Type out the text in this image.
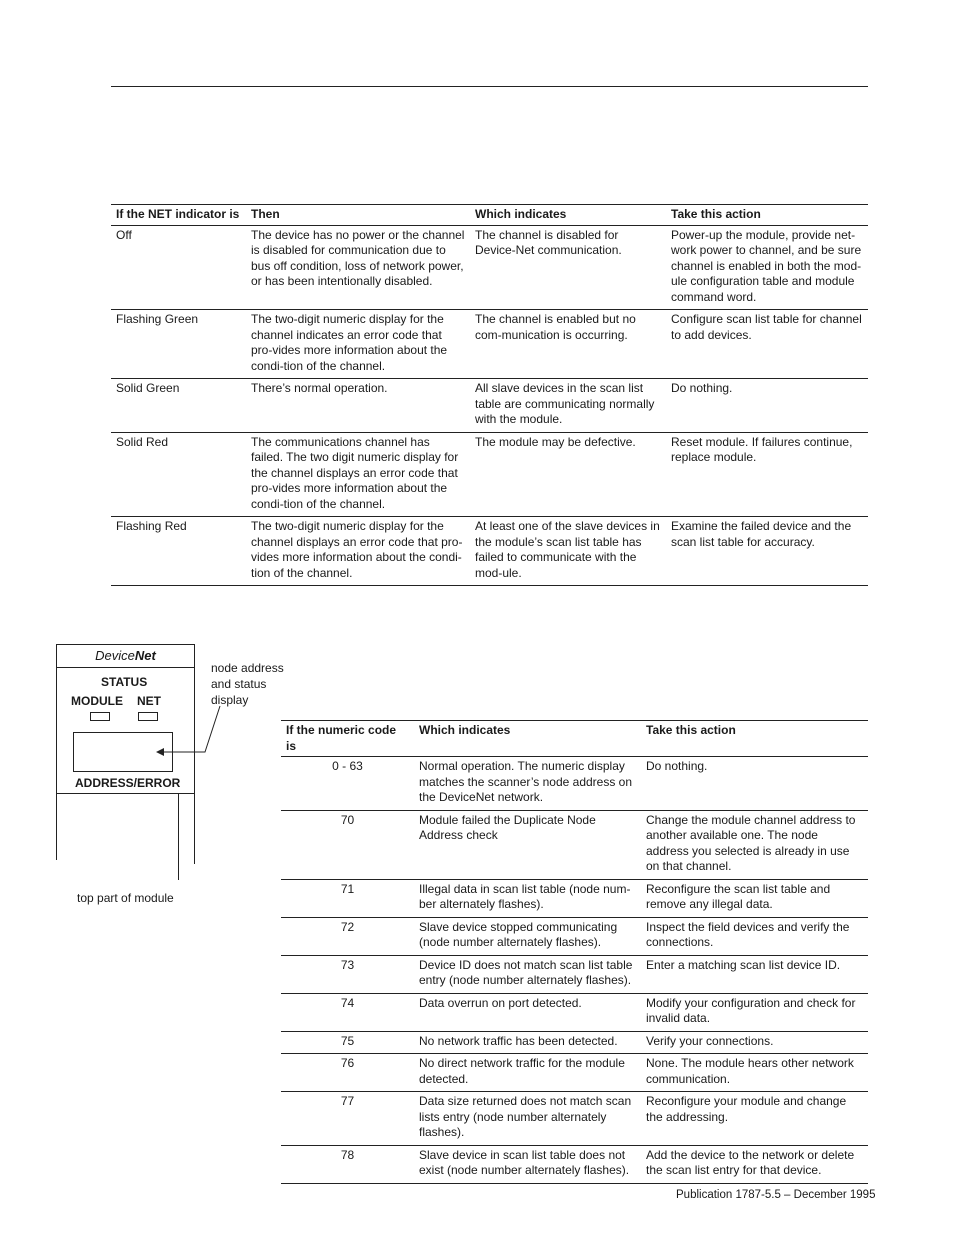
If the NET indicator is	Then	Which indicates	Take this action
Off	The device has no power or the channel is disabled for communication due to bus off condition, loss of network power, or has been intentionally disabled.	The channel is disabled for Device-Net communication.	Power-up the module, provide net-work power to channel, and be sure channel is enabled in both the mod-ule configuration table and module command word.
Flashing Green	The two-digit numeric display for the channel indicates an error code that pro-vides more information about the condi-tion of the channel.	The channel is enabled but no com-munication is occurring.	Configure scan list table for channel to add devices.
Solid Green	There’s normal operation.	All slave devices in the scan list table are communicating normally with the module.	Do nothing.
Solid Red	The communications channel has failed. The two digit numeric display for the channel displays an error code that pro-vides more information about the condi-tion of the channel.	The module may be defective.	Reset module. If failures continue, replace module.
Flashing Red	The two-digit numeric display for the channel displays an error code that pro-vides more information about the condi-tion of the channel.	At least one of the slave devices in the module’s scan list table has failed to communicate with the mod-ule.	Examine the failed device and the scan list table for accuracy.
DeviceNet
STATUS
MODULE NET
ADDRESS/ERROR
node address
and status
display
top part of module
If the numeric code is	Which indicates	Take this action
0 - 63	Normal operation. The numeric display matches the scanner’s node address on the DeviceNet network.	Do nothing.
70	Module failed the Duplicate Node Address check	Change the module channel address to another available one. The node address you selected is already in use on that channel.
71	Illegal data in scan list table (node num-ber alternately flashes).	Reconfigure the scan list table and remove any illegal data.
72	Slave device stopped communicating (node number alternately flashes).	Inspect the field devices and verify the connections.
73	Device ID does not match scan list table entry (node number alternately flashes).	Enter a matching scan list device ID.
74	Data overrun on port detected.	Modify your configuration and check for invalid data.
75	No network traffic has been detected.	Verify your connections.
76	No direct network traffic for the module detected.	None. The module hears other network communication.
77	Data size returned does not match scan lists entry (node number alternately flashes).	Reconfigure your module and change the addressing.
78	Slave device in scan list table does not exist (node number alternately flashes).	Add the device to the network or delete the scan list entry for that device.
Publication 1787-5.5 – December 1995
